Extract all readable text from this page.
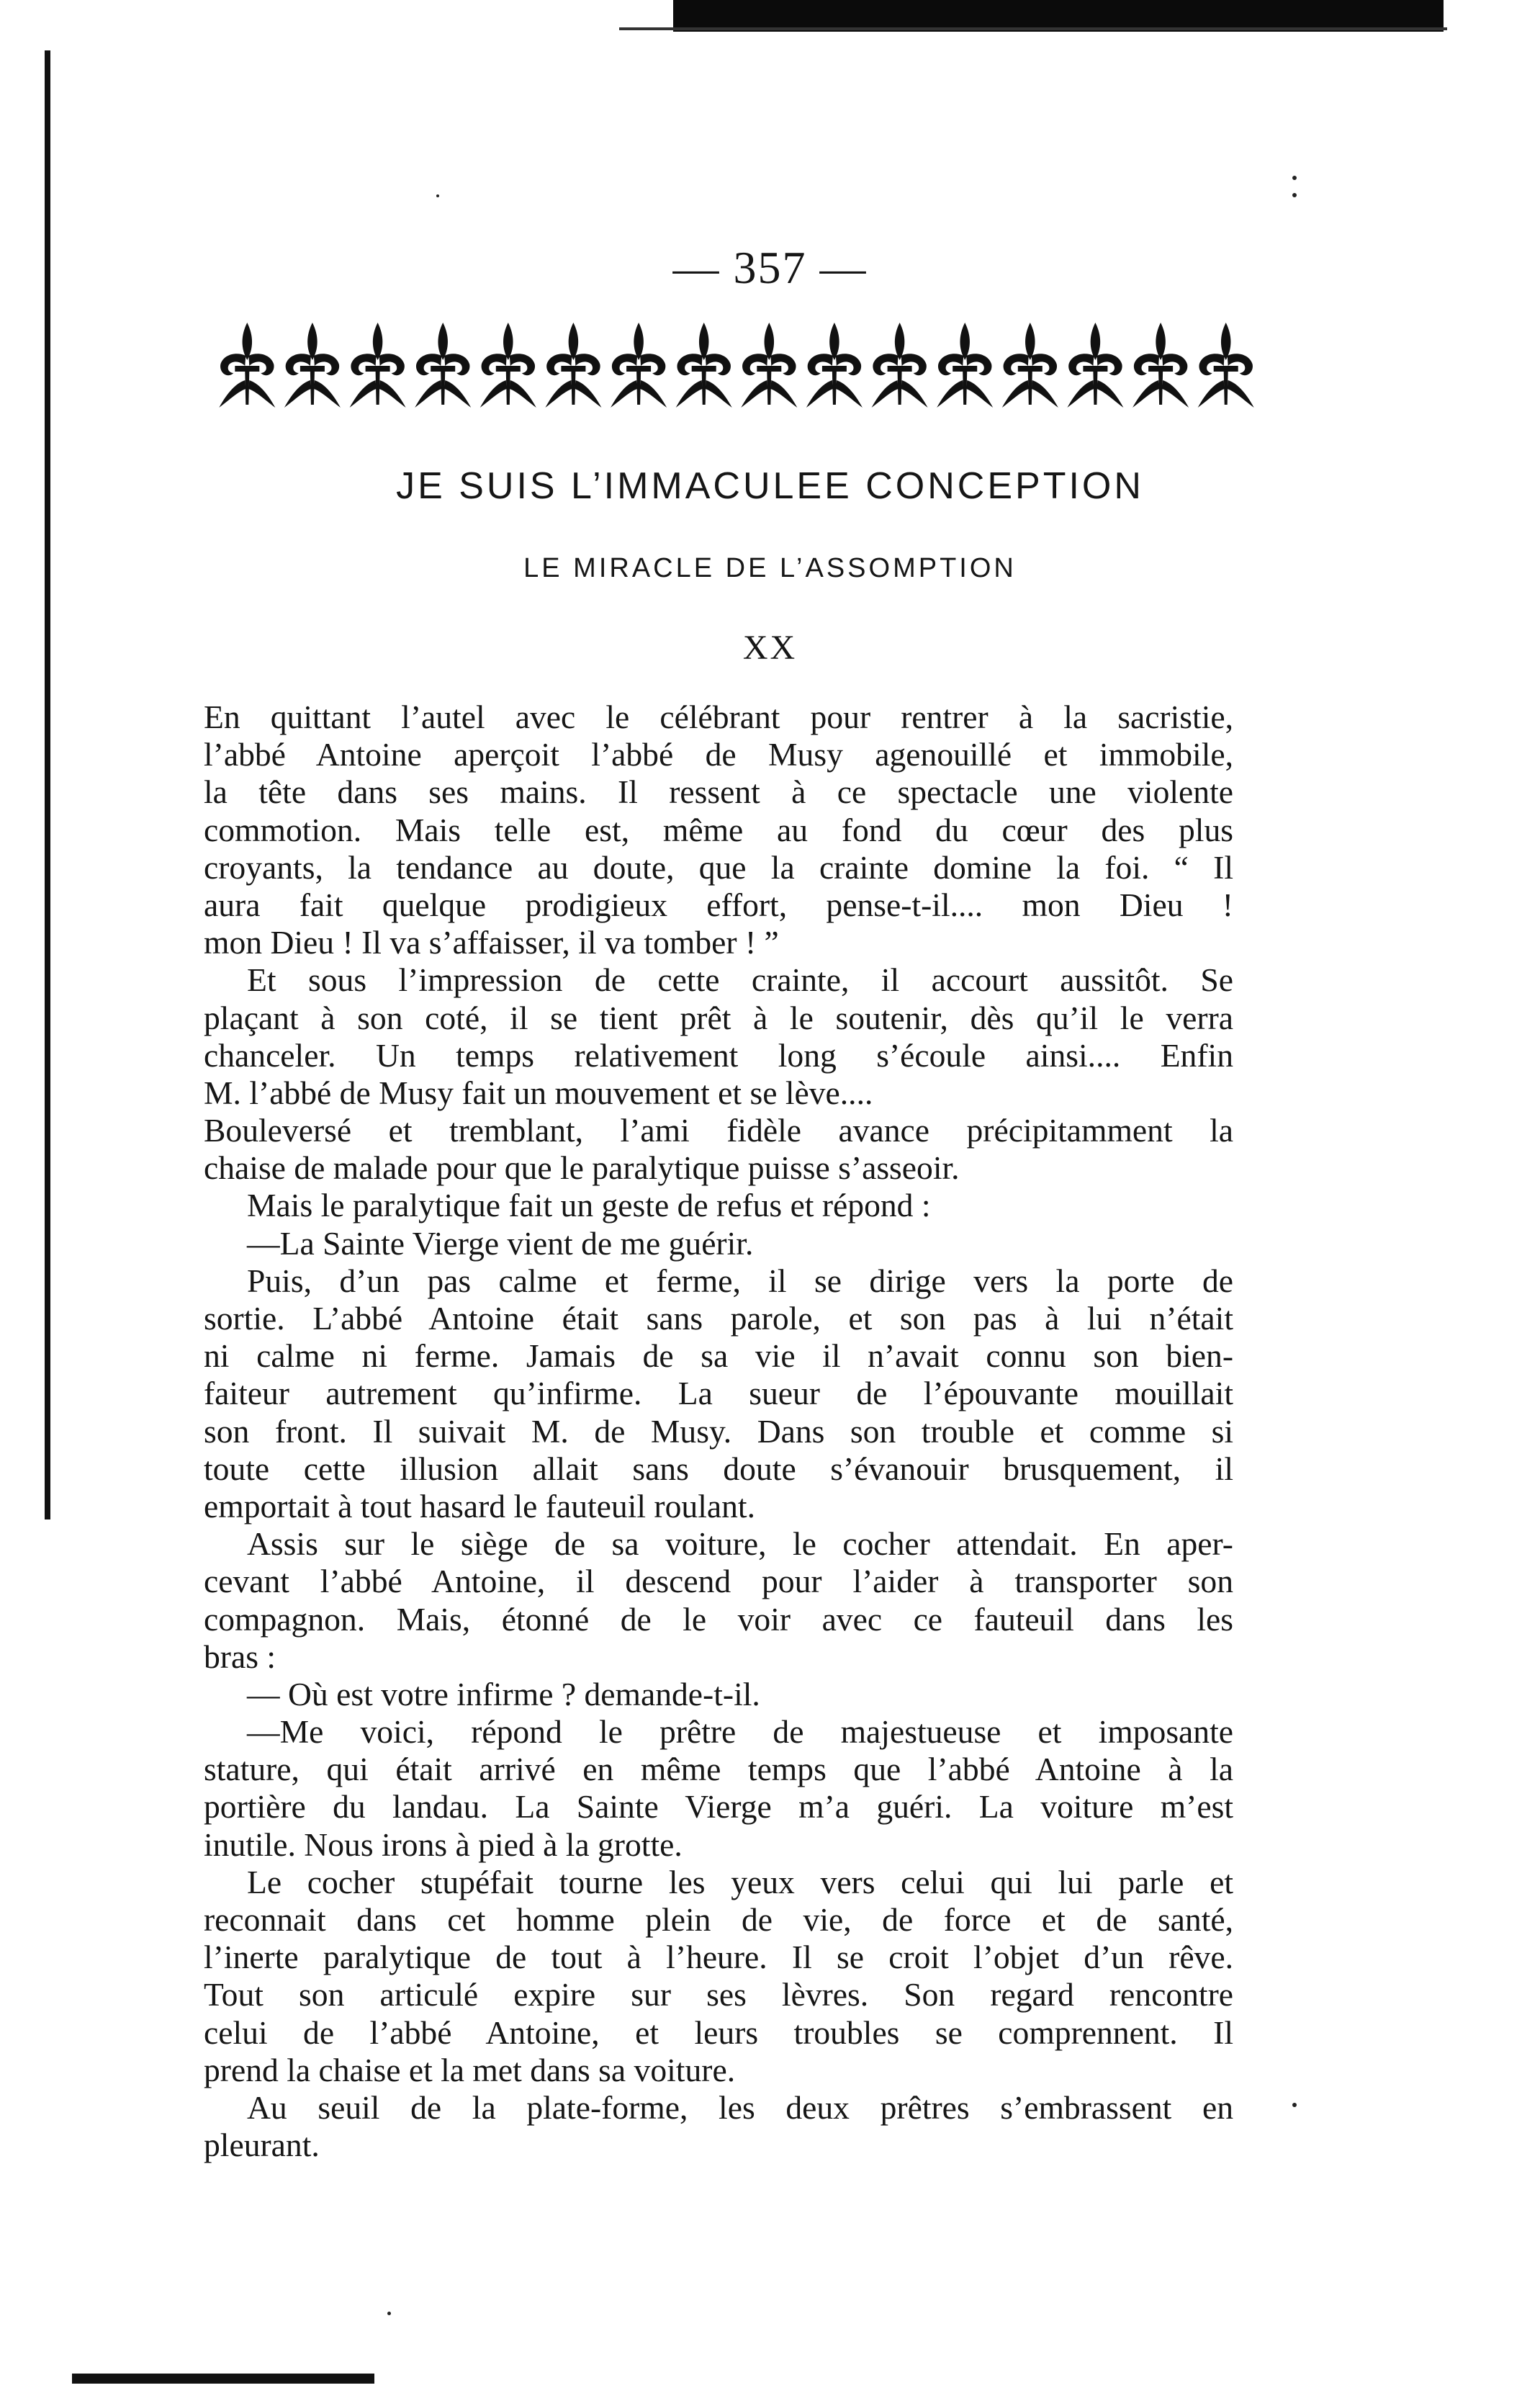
— 357 —
JE SUIS L’IMMACULEE CONCEPTION
LE MIRACLE DE L’ASSOMPTION
XX
En quittant l’autel avec le célébrant pour rentrer à la sacristie,
l’abbé Antoine aperçoit l’abbé de Musy agenouillé et immobile,
la tête dans ses mains. Il ressent à ce spectacle une violente
commotion. Mais telle est, même au fond du cœur des plus
croyants, la tendance au doute, que la crainte domine la foi. “ Il
aura fait quelque prodigieux effort, pense-t-il.... mon Dieu !
mon Dieu ! Il va s’affaisser, il va tomber ! ”
Et sous l’impression de cette crainte, il accourt aussitôt. Se
plaçant à son coté, il se tient prêt à le soutenir, dès qu’il le verra
chanceler. Un temps relativement long s’écoule ainsi.... Enfin
M. l’abbé de Musy fait un mouvement et se lève....
Bouleversé et tremblant, l’ami fidèle avance précipitamment la
chaise de malade pour que le paralytique puisse s’asseoir.
Mais le paralytique fait un geste de refus et répond :
—La Sainte Vierge vient de me guérir.
Puis, d’un pas calme et ferme, il se dirige vers la porte de
sortie. L’abbé Antoine était sans parole, et son pas à lui n’était
ni calme ni ferme. Jamais de sa vie il n’avait connu son bien-
faiteur autrement qu’infirme. La sueur de l’épouvante mouillait
son front. Il suivait M. de Musy. Dans son trouble et comme si
toute cette illusion allait sans doute s’évanouir brusquement, il
emportait à tout hasard le fauteuil roulant.
Assis sur le siège de sa voiture, le cocher attendait. En aper-
cevant l’abbé Antoine, il descend pour l’aider à transporter son
compagnon. Mais, étonné de le voir avec ce fauteuil dans les
bras :
— Où est votre infirme ? demande-t-il.
—Me voici, répond le prêtre de majestueuse et imposante
stature, qui était arrivé en même temps que l’abbé Antoine à la
portière du landau. La Sainte Vierge m’a guéri. La voiture m’est
inutile. Nous irons à pied à la grotte.
Le cocher stupéfait tourne les yeux vers celui qui lui parle et
reconnait dans cet homme plein de vie, de force et de santé,
l’inerte paralytique de tout à l’heure. Il se croit l’objet d’un rêve.
Tout son articulé expire sur ses lèvres. Son regard rencontre
celui de l’abbé Antoine, et leurs troubles se comprennent. Il
prend la chaise et la met dans sa voiture.
Au seuil de la plate-forme, les deux prêtres s’embrassent en
pleurant.
